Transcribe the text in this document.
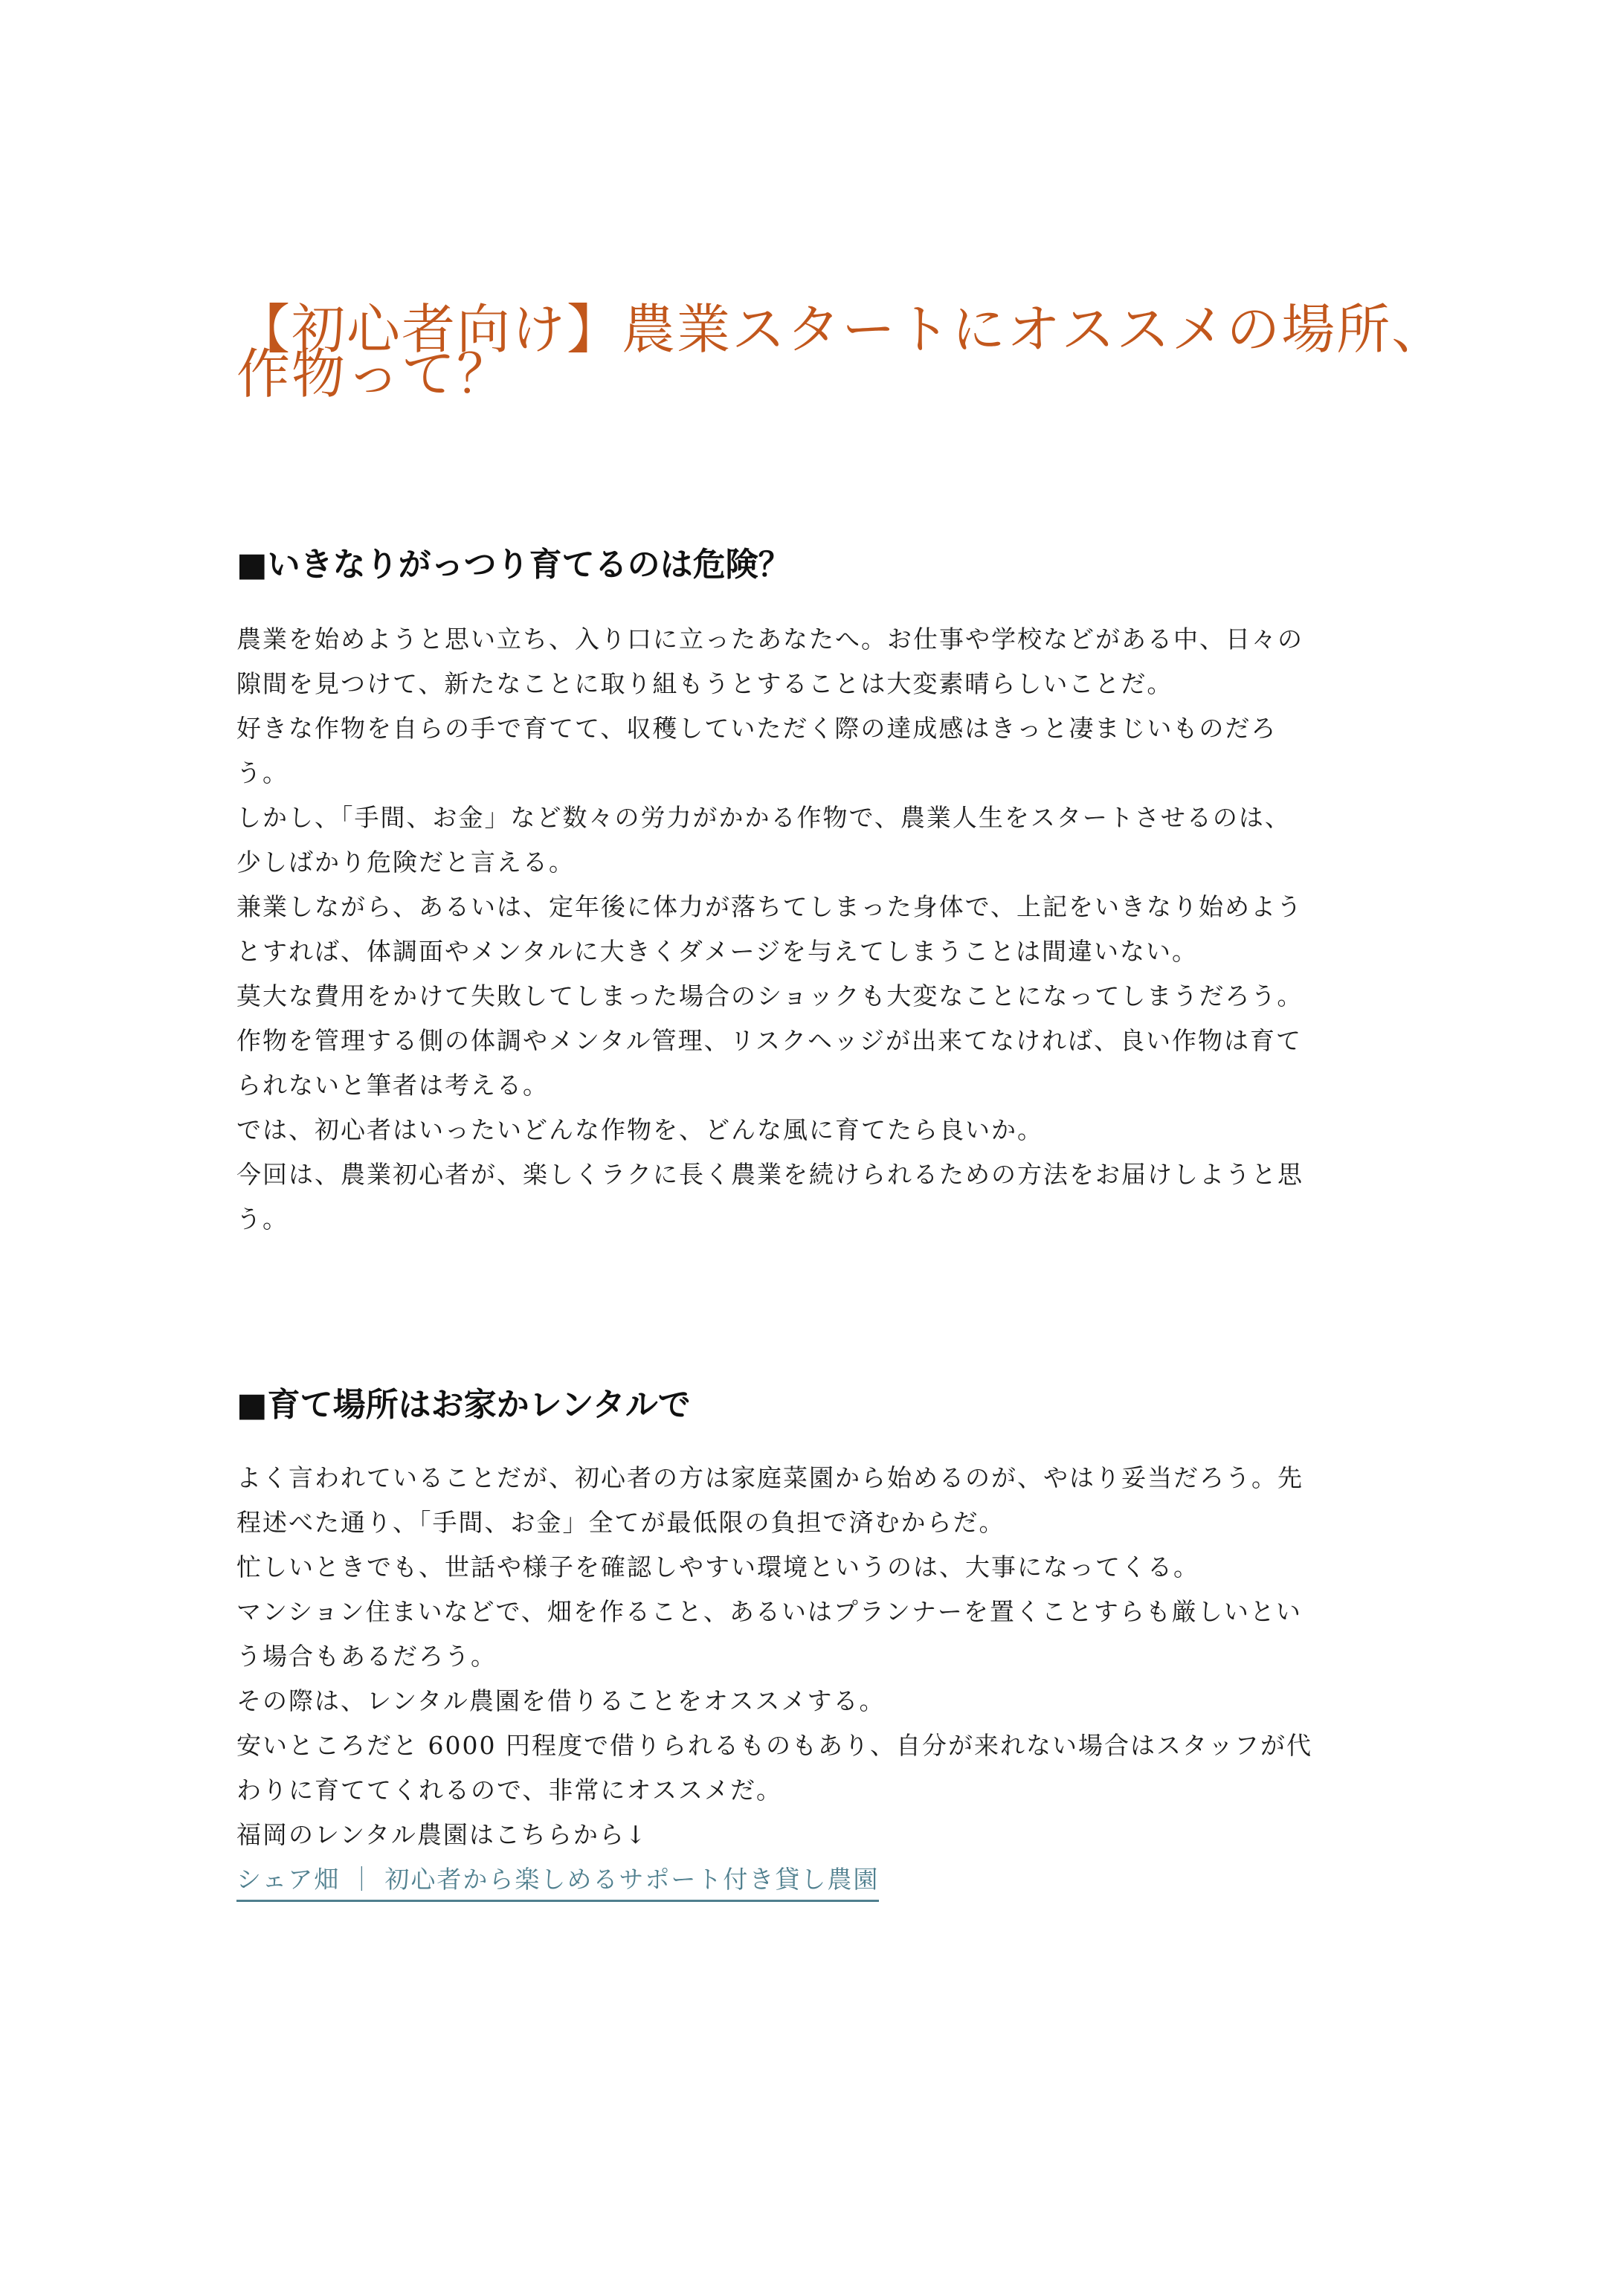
【初心者向け】農業スタートにオススメの場所、
作物って？
■いきなりがっつり育てるのは危険？
農業を始めようと思い立ち、入り口に立ったあなたへ。お仕事や学校などがある中、日々の
隙間を見つけて、新たなことに取り組もうとすることは大変素晴らしいことだ。
好きな作物を自らの手で育てて、収穫していただく際の達成感はきっと凄まじいものだろ
う。
しかし、「手間、お金」など数々の労力がかかる作物で、農業人生をスタートさせるのは、
少しばかり危険だと言える。
兼業しながら、あるいは、定年後に体力が落ちてしまった身体で、上記をいきなり始めよう
とすれば、体調面やメンタルに大きくダメージを与えてしまうことは間違いない。
莫大な費用をかけて失敗してしまった場合のショックも大変なことになってしまうだろう。
作物を管理する側の体調やメンタル管理、リスクヘッジが出来てなければ、良い作物は育て
られないと筆者は考える。
では、初心者はいったいどんな作物を、どんな風に育てたら良いか。
今回は、農業初心者が、楽しくラクに長く農業を続けられるための方法をお届けしようと思
う。
■育て場所はお家かレンタルで
よく言われていることだが、初心者の方は家庭菜園から始めるのが、やはり妥当だろう。先
程述べた通り、「手間、お金」全てが最低限の負担で済むからだ。
忙しいときでも、世話や様子を確認しやすい環境というのは、大事になってくる。
マンション住まいなどで、畑を作ること、あるいはプランナーを置くことすらも厳しいとい
う場合もあるだろう。
その際は、レンタル農園を借りることをオススメする。
安いところだと 6000 円程度で借りられるものもあり、自分が来れない場合はスタッフが代
わりに育ててくれるので、非常にオススメだ。
福岡のレンタル農園はこちらから↓
シェア畑 ｜ 初心者から楽しめるサポート付き貸し農園
